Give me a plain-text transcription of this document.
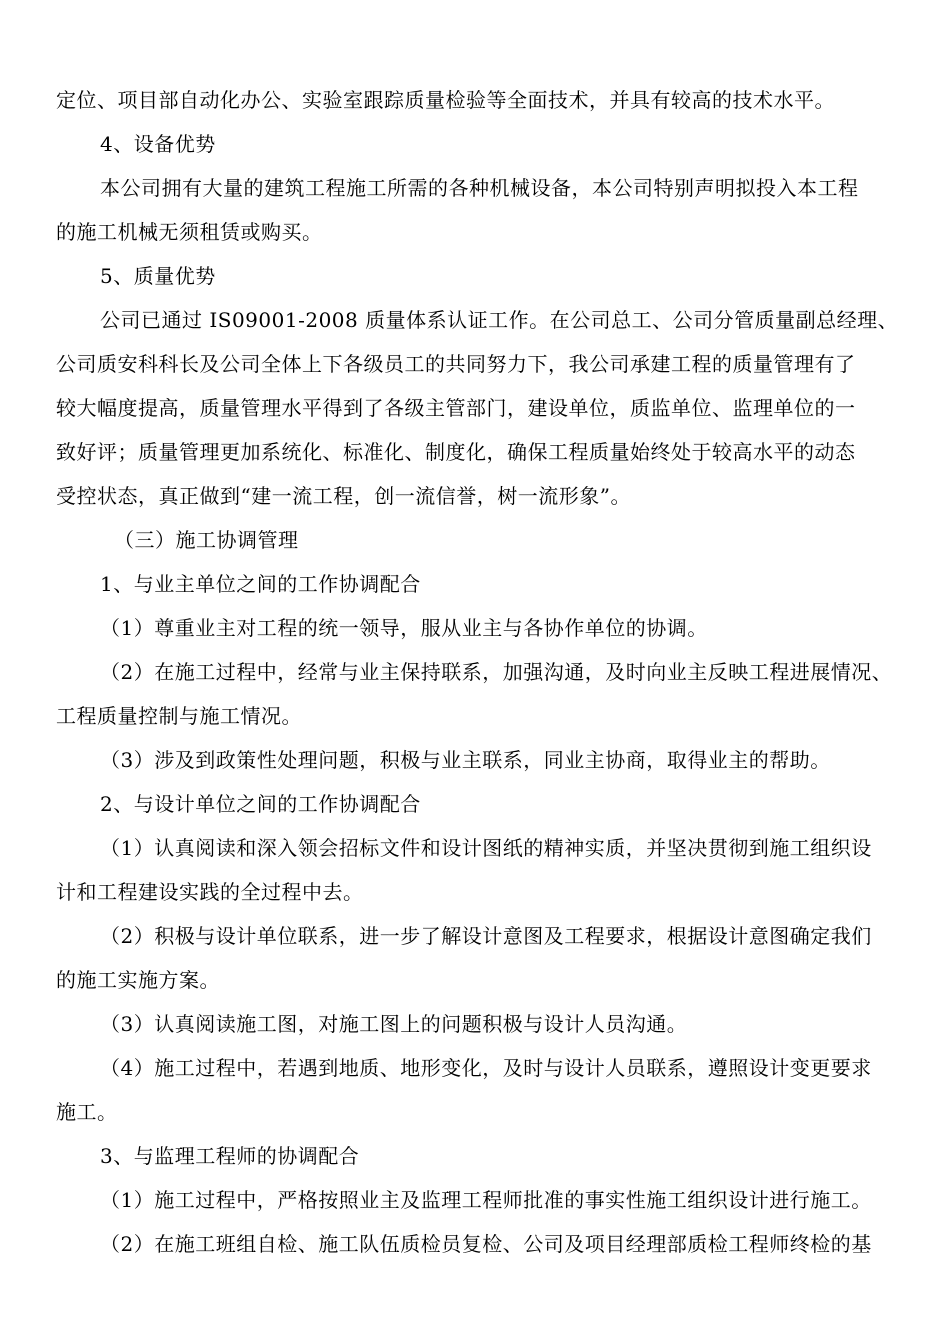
定位、项目部自动化办公、实验室跟踪质量检验等全面技术，并具有较高的技术水平。
4、设备优势
本公司拥有大量的建筑工程施工所需的各种机械设备，本公司特别声明拟投入本工程
的施工机械无须租赁或购买。
5、质量优势
公司已通过 IS09001-2008 质量体系认证工作。在公司总工、公司分管质量副总经理、
公司质安科科长及公司全体上下各级员工的共同努力下，我公司承建工程的质量管理有了
较大幅度提高，质量管理水平得到了各级主管部门，建设单位，质监单位、监理单位的一
致好评；质量管理更加系统化、标准化、制度化，确保工程质量始终处于较高水平的动态
受控状态，真正做到“建一流工程，创一流信誉，树一流形象”。
（三）施工协调管理
1、与业主单位之间的工作协调配合
（1）尊重业主对工程的统一领导，服从业主与各协作单位的协调。
（2）在施工过程中，经常与业主保持联系，加强沟通，及时向业主反映工程进展情况、
工程质量控制与施工情况。
（3）涉及到政策性处理问题，积极与业主联系，同业主协商，取得业主的帮助。
2、与设计单位之间的工作协调配合
（1）认真阅读和深入领会招标文件和设计图纸的精神实质，并坚决贯彻到施工组织设
计和工程建设实践的全过程中去。
（2）积极与设计单位联系，进一步了解设计意图及工程要求，根据设计意图确定我们
的施工实施方案。
（3）认真阅读施工图，对施工图上的问题积极与设计人员沟通。
（4）施工过程中，若遇到地质、地形变化，及时与设计人员联系，遵照设计变更要求
施工。
3、与监理工程师的协调配合
（1）施工过程中，严格按照业主及监理工程师批准的事实性施工组织设计进行施工。
（2）在施工班组自检、施工队伍质检员复检、公司及项目经理部质检工程师终检的基
